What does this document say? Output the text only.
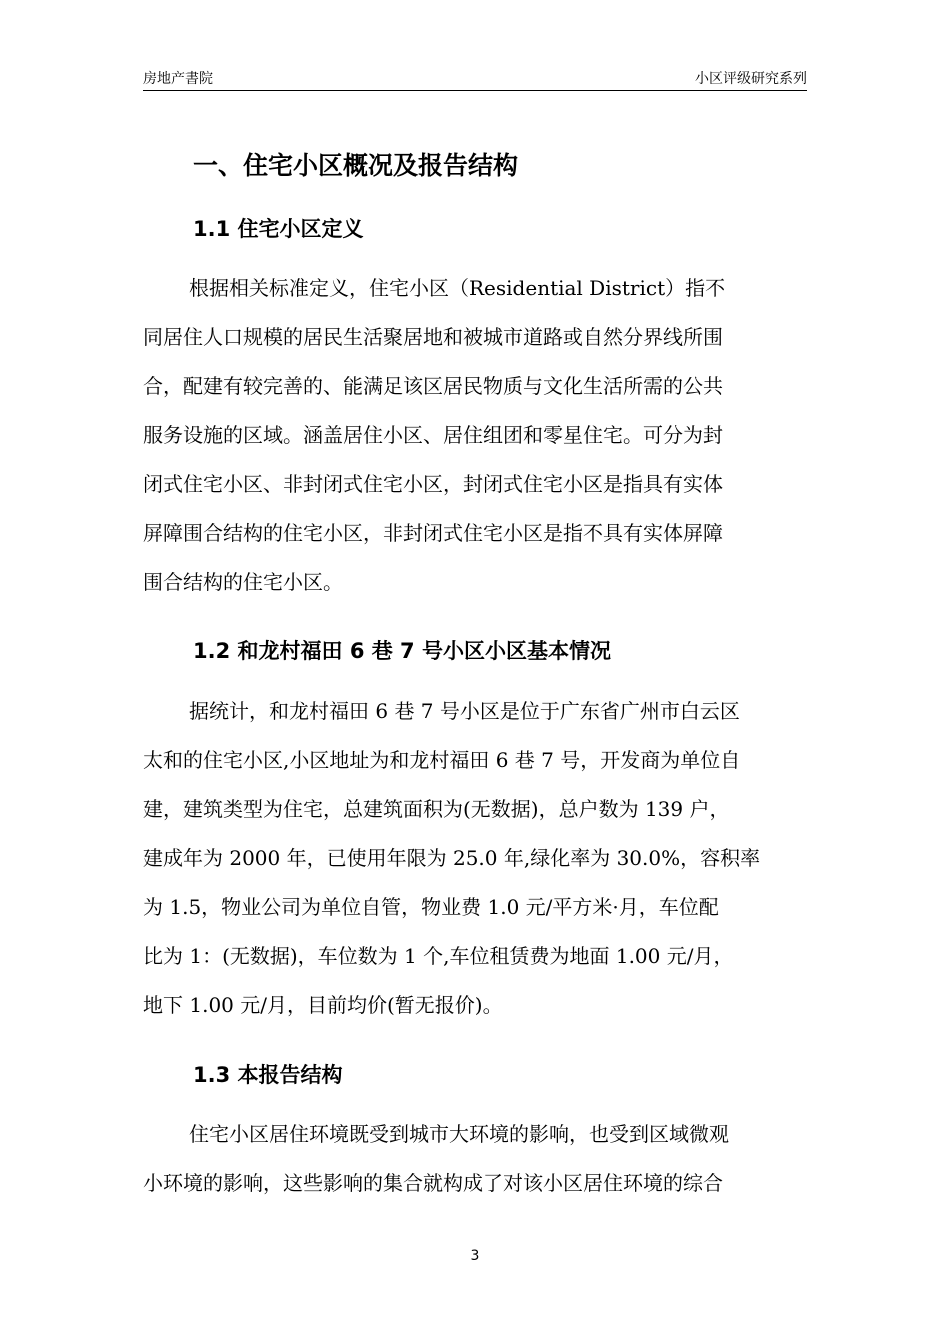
房地产書院	小区评级研究系列
一、住宅小区概况及报告结构
1.1 住宅小区定义
根据相关标准定义，住宅小区（Residential District）指不
同居住人口规模的居民生活聚居地和被城市道路或自然分界线所围
合，配建有较完善的、能满足该区居民物质与文化生活所需的公共
服务设施的区域。涵盖居住小区、居住组团和零星住宅。可分为封
闭式住宅小区、非封闭式住宅小区，封闭式住宅小区是指具有实体
屏障围合结构的住宅小区，非封闭式住宅小区是指不具有实体屏障
围合结构的住宅小区。
1.2 和龙村福田 6 巷 7 号小区小区基本情况
据统计，和龙村福田 6 巷 7 号小区是位于广东省广州市白云区
太和的住宅小区,小区地址为和龙村福田 6 巷 7 号，开发商为单位自
建，建筑类型为住宅，总建筑面积为(无数据)，总户数为 139 户，
建成年为 2000 年，已使用年限为 25.0 年,绿化率为 30.0%，容积率
为 1.5，物业公司为单位自管，物业费 1.0 元/平方米·月，车位配
比为 1：(无数据)，车位数为 1 个,车位租赁费为地面 1.00 元/月，
地下 1.00 元/月，目前均价(暂无报价)。
1.3 本报告结构
住宅小区居住环境既受到城市大环境的影响，也受到区域微观
小环境的影响，这些影响的集合就构成了对该小区居住环境的综合
3
